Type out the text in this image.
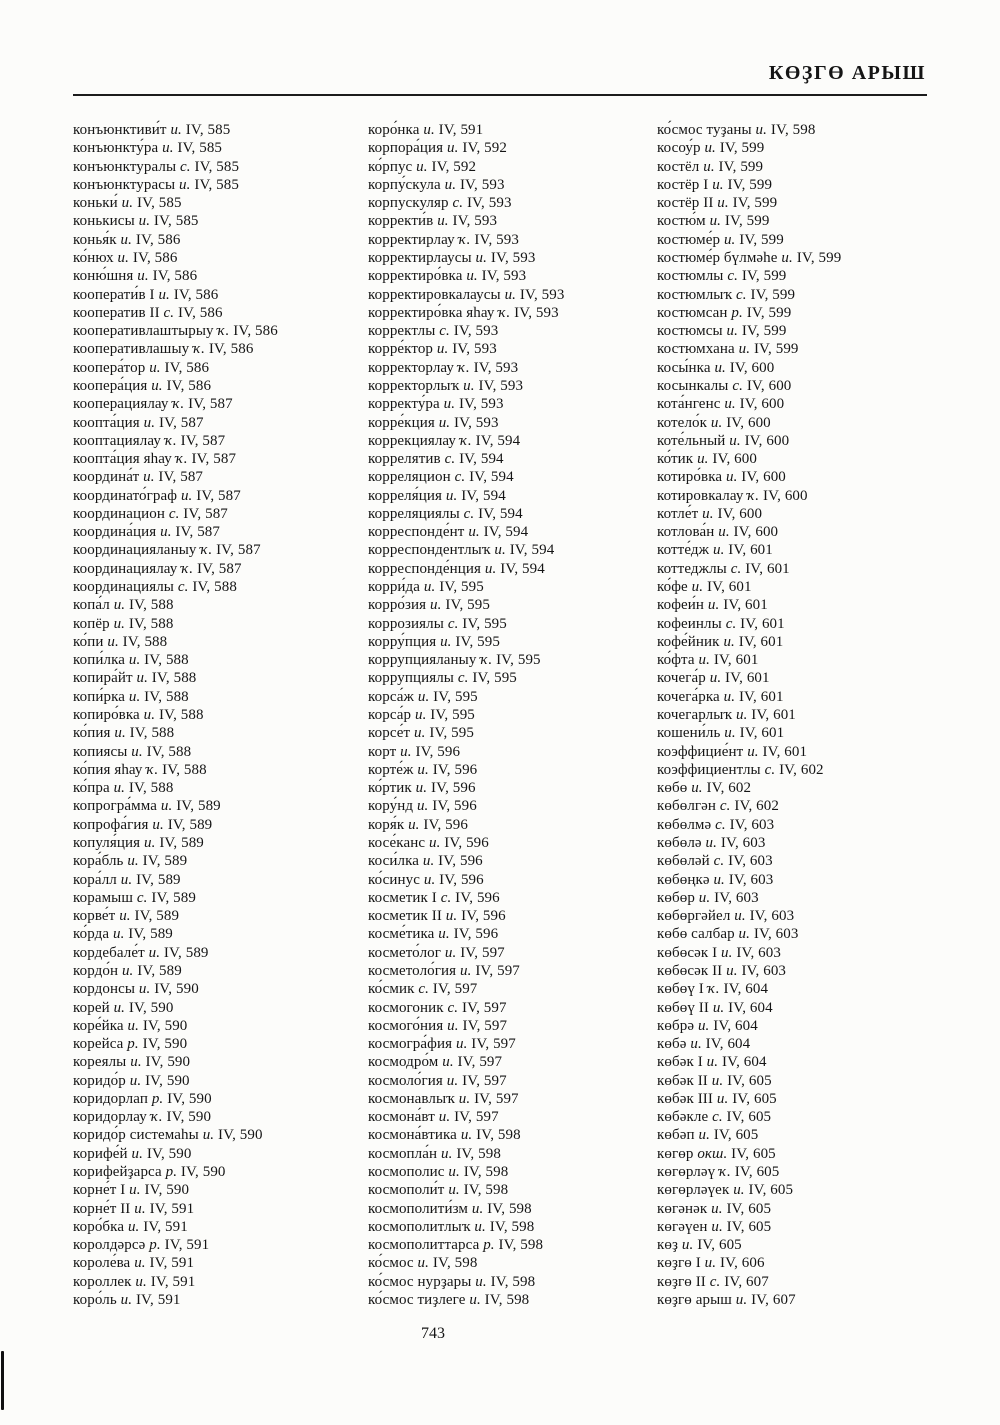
КӨҘГӨ АРЫШ
конъюнктиви́т и. IV, 585
конъюнкту́ра и. IV, 585
конъюнктуралы с. IV, 585
конъюнктурасы и. IV, 585
коньки́ и. IV, 585
конькисы и. IV, 585
конья́к и. IV, 586
ко́нюх и. IV, 586
коню́шня и. IV, 586
кооперати́в I и. IV, 586
кооператив II с. IV, 586
кооперативлаштырыу ҡ. IV, 586
кооперативлашыу ҡ. IV, 586
коопера́тор и. IV, 586
коопера́ция и. IV, 586
кооперациялау ҡ. IV, 587
коопта́ция и. IV, 587
кооптациялау ҡ. IV, 587
коопта́ция яһау ҡ. IV, 587
координа́т и. IV, 587
координато́граф и. IV, 587
координацион с. IV, 587
координа́ция и. IV, 587
координацияланыу ҡ. IV, 587
координациялау ҡ. IV, 587
координациялы с. IV, 588
копа́л и. IV, 588
копёр и. IV, 588
ко́пи и. IV, 588
копи́лка и. IV, 588
копира́йт и. IV, 588
копи́рка и. IV, 588
копиро́вка и. IV, 588
ко́пия и. IV, 588
копиясы и. IV, 588
ко́пия яһау ҡ. IV, 588
ко́пра и. IV, 588
копрогра́мма и. IV, 589
копрофа́гия и. IV, 589
копуля́ция и. IV, 589
кора́бль и. IV, 589
кора́лл и. IV, 589
корамыш с. IV, 589
корве́т и. IV, 589
ко́рда и. IV, 589
кордебале́т и. IV, 589
кордо́н и. IV, 589
кордонсы и. IV, 590
корей и. IV, 590
коре́йка и. IV, 590
корейса р. IV, 590
кореялы и. IV, 590
коридо́р и. IV, 590
коридорлап р. IV, 590
коридорлау ҡ. IV, 590
коридо́р системаһы и. IV, 590
корифе́й и. IV, 590
корифейҙарса р. IV, 590
корне́т I и. IV, 590
корне́т II и. IV, 591
коро́бка и. IV, 591
королдәрсә р. IV, 591
короле́ва и. IV, 591
короллек и. IV, 591
коро́ль и. IV, 591
коро́нка и. IV, 591
корпора́ция и. IV, 592
ко́рпус и. IV, 592
корпу́скула и. IV, 593
корпускуляр с. IV, 593
корректи́в и. IV, 593
корректирлау ҡ. IV, 593
корректирлаусы и. IV, 593
корректиро́вка и. IV, 593
корректировкалаусы и. IV, 593
корректиро́вка яһау ҡ. IV, 593
корректлы с. IV, 593
корре́ктор и. IV, 593
корректорлау ҡ. IV, 593
корректорлыҡ и. IV, 593
корректу́ра и. IV, 593
корре́кция и. IV, 593
коррекциялау ҡ. IV, 594
коррелятив с. IV, 594
корреляцион с. IV, 594
корреля́ция и. IV, 594
корреляциялы с. IV, 594
корреспонде́нт и. IV, 594
корреспондентлыҡ и. IV, 594
корреспонде́нция и. IV, 594
корри́да и. IV, 595
корро́зия и. IV, 595
коррозиялы с. IV, 595
корру́пция и. IV, 595
коррупцияланыу ҡ. IV, 595
коррупциялы с. IV, 595
корса́ж и. IV, 595
корса́р и. IV, 595
корсе́т и. IV, 595
корт и. IV, 596
корте́ж и. IV, 596
ко́ртик и. IV, 596
кору́нд и. IV, 596
коря́к и. IV, 596
косе́канс и. IV, 596
коси́лка и. IV, 596
ко́синус и. IV, 596
косметик I с. IV, 596
косметик II и. IV, 596
косме́тика и. IV, 596
космето́лог и. IV, 597
косметоло́гия и. IV, 597
ко́смик с. IV, 597
космогоник с. IV, 597
космого́ния и. IV, 597
космогра́фия и. IV, 597
космодро́м и. IV, 597
космоло́гия и. IV, 597
космонавлыҡ и. IV, 597
космона́вт и. IV, 597
космона́втика и. IV, 598
космопла́н и. IV, 598
космополис и. IV, 598
космополи́т и. IV, 598
космополити́зм и. IV, 598
космополитлыҡ и. IV, 598
космополиттарса р. IV, 598
ко́смос и. IV, 598
ко́смос нурҙары и. IV, 598
ко́смос тиҙлеге и. IV, 598
ко́смос туҙаны и. IV, 598
косоу́р и. IV, 599
костёл и. IV, 599
костёр I и. IV, 599
костёр II и. IV, 599
костю́м и. IV, 599
костюме́р и. IV, 599
костюме́р бүлмәһе и. IV, 599
костюмлы с. IV, 599
костюмлыҡ с. IV, 599
костюмсан р. IV, 599
костюмсы и. IV, 599
костюмхана и. IV, 599
косы́нка и. IV, 600
косынкалы с. IV, 600
кота́нгенс и. IV, 600
котело́к и. IV, 600
коте́льный и. IV, 600
ко́тик и. IV, 600
котиро́вка и. IV, 600
котировкалау ҡ. IV, 600
котле́т и. IV, 600
котлова́н и. IV, 600
котте́дж и. IV, 601
коттеджлы с. IV, 601
ко́фе и. IV, 601
кофеи́н и. IV, 601
кофеинлы с. IV, 601
кофе́йник и. IV, 601
ко́фта и. IV, 601
кочега́р и. IV, 601
кочега́рка и. IV, 601
кочегарлыҡ и. IV, 601
кошени́ль и. IV, 601
коэффицие́нт и. IV, 601
коэффициентлы с. IV, 602
көбө и. IV, 602
көбөлгән с. IV, 602
көбөлмә с. IV, 603
көбөлә и. IV, 603
көбөләй с. IV, 603
көбөңкә и. IV, 603
көбөр и. IV, 603
көбөргәйел и. IV, 603
көбө салбар и. IV, 603
көбөсәк I и. IV, 603
көбөсәк II и. IV, 603
көбөү I ҡ. IV, 604
көбөү II и. IV, 604
көбрә и. IV, 604
көбә и. IV, 604
көбәк I и. IV, 604
көбәк II и. IV, 605
көбәк III и. IV, 605
көбәкле с. IV, 605
көбәп и. IV, 605
көгөр окш. IV, 605
көгөрләү ҡ. IV, 605
көгөрләүек и. IV, 605
көгәнәк и. IV, 605
көгәүен и. IV, 605
көҙ и. IV, 605
көҙгө I и. IV, 606
көҙгө II с. IV, 607
көҙгө арыш и. IV, 607
743
